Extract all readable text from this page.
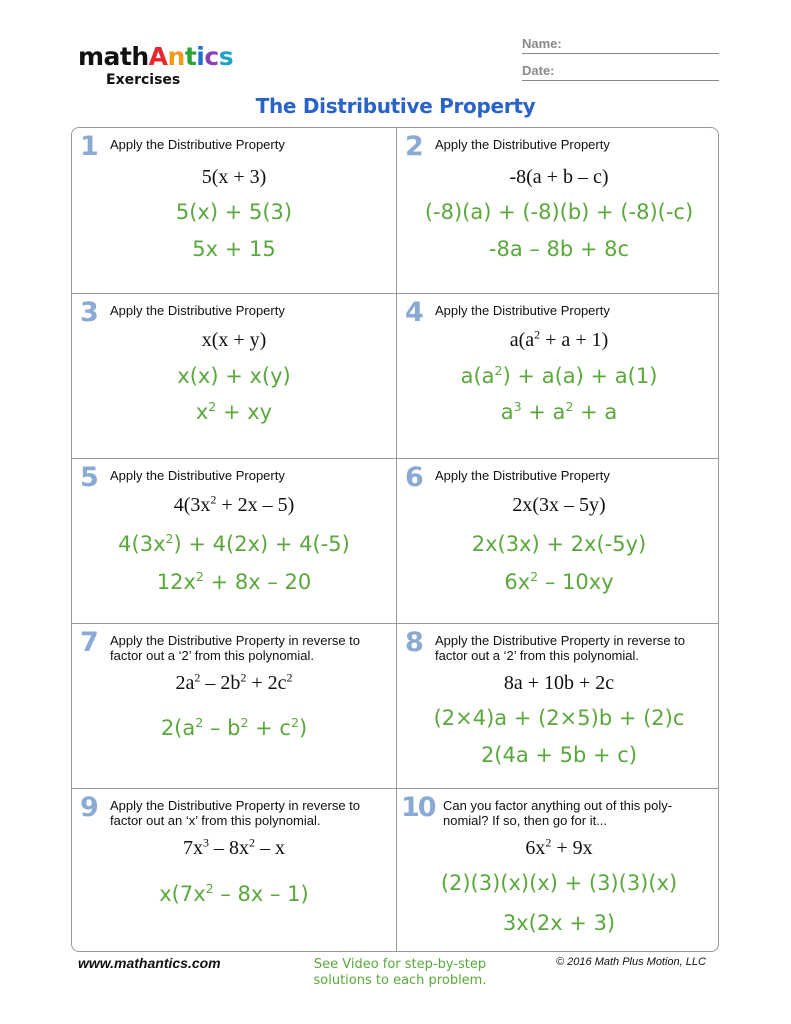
mathAntics
Exercises
Name:
Date:
The Distributive Property
1 Apply the Distributive Property
5(x + 3)
5(x) + 5(3)
5x + 15
2 Apply the Distributive Property
-8(a + b – c)
(-8)(a) + (-8)(b) + (-8)(-c)
-8a – 8b + 8c
3 Apply the Distributive Property
x(x + y)
x(x) + x(y)
$x^2$ + xy
4 Apply the Distributive Property
$a(a^2 + a + 1)$
$a(a^2) + a(a) + a(1)$
$a^3 + a^2 + a$
5 Apply the Distributive Property
$4(3x^2 + 2x - 5)$
$4(3x^2) + 4(2x) + 4(-5)$
$12x^2 + 8x - 20$
6 Apply the Distributive Property
2x(3x – 5y)
2x(3x) + 2x(-5y)
$6x^2 - 10xy$
7 Apply the Distributive Property in reverse to factor out a ‘2’ from this polynomial.
$2a^2 - 2b^2 + 2c^2$
$2(a^2 - b^2 + c^2)$
8 Apply the Distributive Property in reverse to factor out a ‘2’ from this polynomial.
8a + 10b + 2c
(2×4)a + (2×5)b + (2)c
2(4a + 5b + c)
9 Apply the Distributive Property in reverse to factor out an ‘x’ from this polynomial.
$7x^3 - 8x^2$ – x
$x(7x^2 - 8x - 1)$
10 Can you factor anything out of this poly- nomial? If so, then go for it...
$6x^2 + 9x$
(2)(3)(x)(x) + (3)(3)(x)
3x(2x + 3)
www.mathantics.com	See Video for step-by-step
solutions to each problem.
© 2016 Math Plus Motion, LLC
